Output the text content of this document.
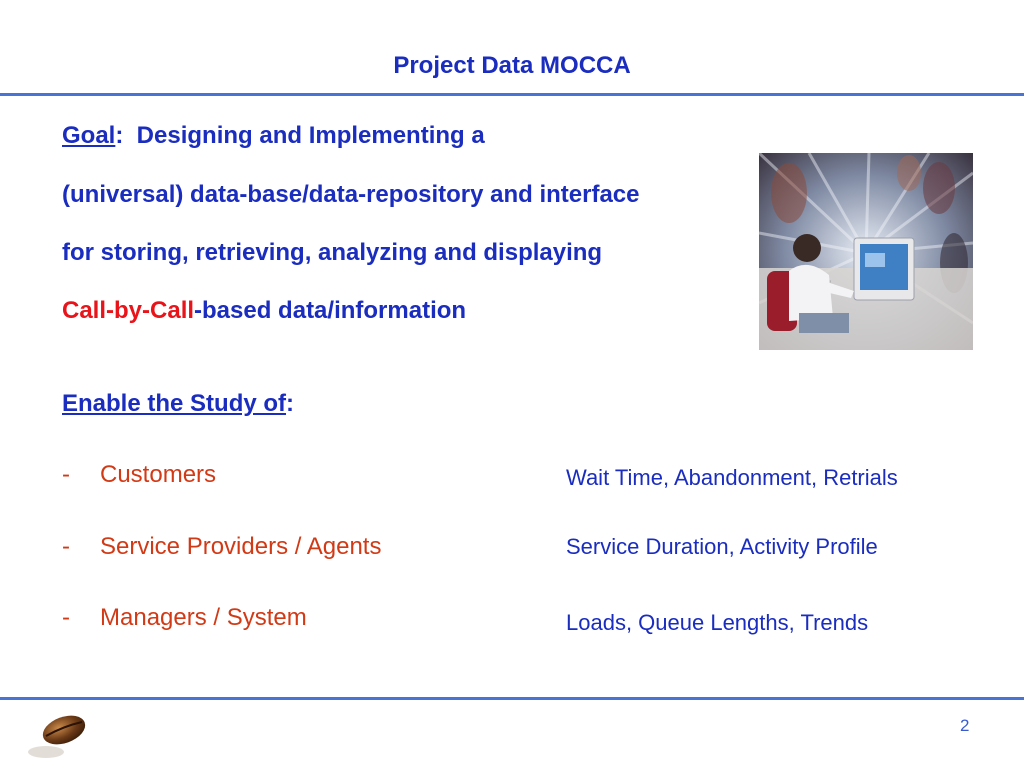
Project Data MOCCA
Goal:  Designing and Implementing a
(universal) data-base/data-repository and interface
for storing, retrieving, analyzing and displaying
Call-by-Call-based data/information
Enable the Study of:
- Customers	Wait Time, Abandonment, Retrials
- Service Providers / Agents	Service Duration, Activity Profile
- Managers / System	Loads, Queue Lengths, Trends
2
